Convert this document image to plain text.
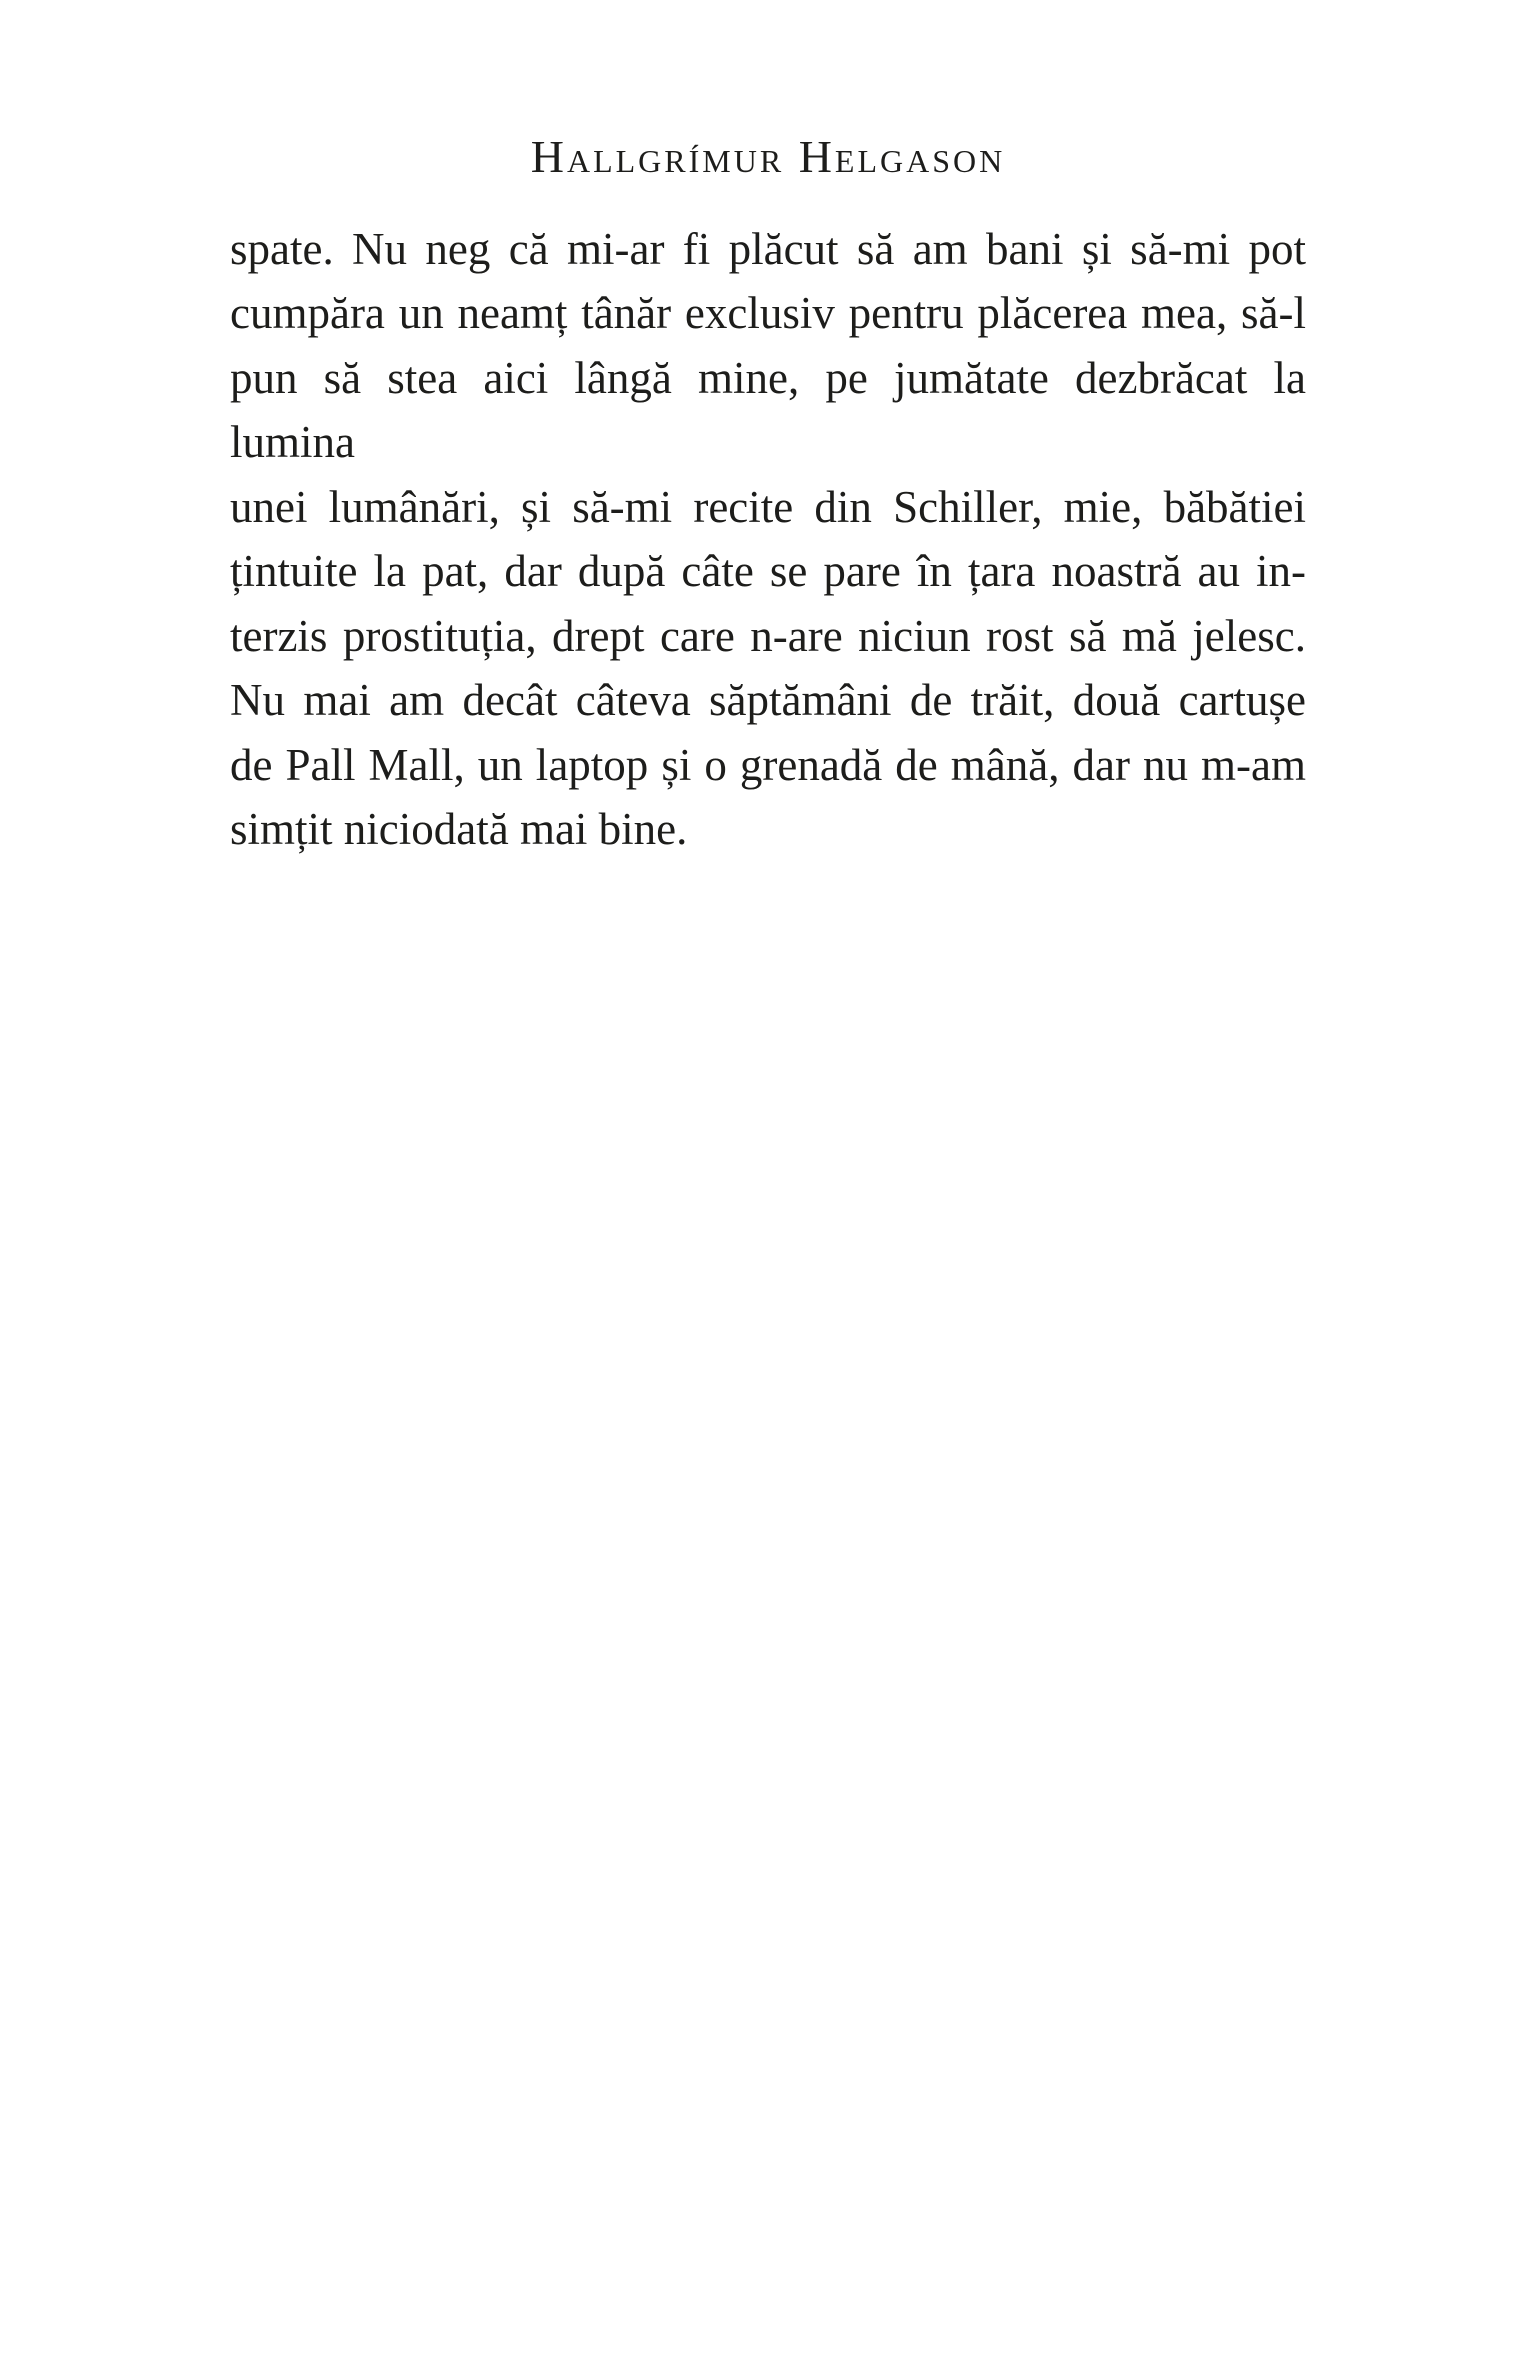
Hallgrímur Helgason
spate. Nu neg că mi-ar fi plăcut să am bani și să-mi pot
cumpăra un neamț tânăr exclusiv pentru plăcerea mea, să-l
pun să stea aici lângă mine, pe jumătate dezbrăcat la lumina
unei lumânări, și să-mi recite din Schiller, mie, băbătiei
țintuite la pat, dar după câte se pare în țara noastră au in-
terzis prostituția, drept care n-are niciun rost să mă jelesc.
Nu mai am decât câteva săptămâni de trăit, două cartușe
de Pall Mall, un laptop și o grenadă de mână, dar nu m-am
simțit niciodată mai bine.
